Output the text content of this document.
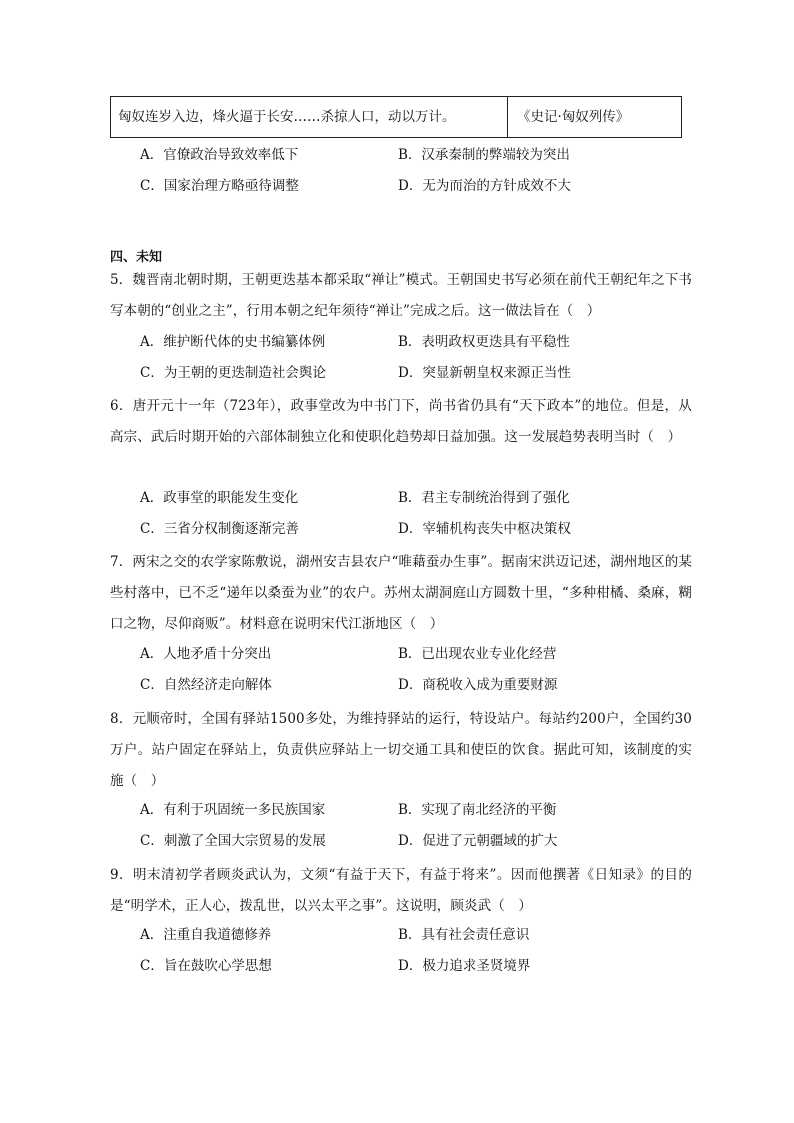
匈奴连岁入边，烽火逼于长安……杀掠人口，动以万计。	《史记·匈奴列传》
A．官僚政治导致效率低下	B．汉承秦制的弊端较为突出
C．国家治理方略亟待调整	D．无为而治的方针成效不大
四、未知
5．魏晋南北朝时期，王朝更迭基本都采取“禅让”模式。王朝国史书写必须在前代王朝纪年之下书写本朝的“创业之主”，行用本朝之纪年须待“禅让”完成之后。这一做法旨在（　）
A．维护断代体的史书编纂体例	B．表明政权更迭具有平稳性
C．为王朝的更迭制造社会舆论	D．突显新朝皇权来源正当性
6．唐开元十一年（723年），政事堂改为中书门下，尚书省仍具有“天下政本”的地位。但是，从高宗、武后时期开始的六部体制独立化和使职化趋势却日益加强。这一发展趋势表明当时（　）
A．政事堂的职能发生变化	B．君主专制统治得到了强化
C．三省分权制衡逐渐完善	D．宰辅机构丧失中枢决策权
7．两宋之交的农学家陈敷说，湖州安吉县农户“唯藉蚕办生事”。据南宋洪迈记述，湖州地区的某些村落中，已不乏“递年以桑蚕为业”的农户。苏州太湖洞庭山方圆数十里，“多种柑橘、桑麻，糊口之物，尽仰商贩”。材料意在说明宋代江浙地区（　）
A．人地矛盾十分突出	B．已出现农业专业化经营
C．自然经济走向解体	D．商税收入成为重要财源
8．元顺帝时，全国有驿站1500多处，为维持驿站的运行，特设站户。每站约200户，全国约30万户。站户固定在驿站上，负责供应驿站上一切交通工具和使臣的饮食。据此可知，该制度的实施（　）
A．有利于巩固统一多民族国家	B．实现了南北经济的平衡
C．刺激了全国大宗贸易的发展	D．促进了元朝疆域的扩大
9．明末清初学者顾炎武认为，文须“有益于天下，有益于将来”。因而他撰著《日知录》的目的是“明学术，正人心，拨乱世，以兴太平之事”。这说明，顾炎武（　）
A．注重自我道德修养	B．具有社会责任意识
C．旨在鼓吹心学思想	D．极力追求圣贤境界
